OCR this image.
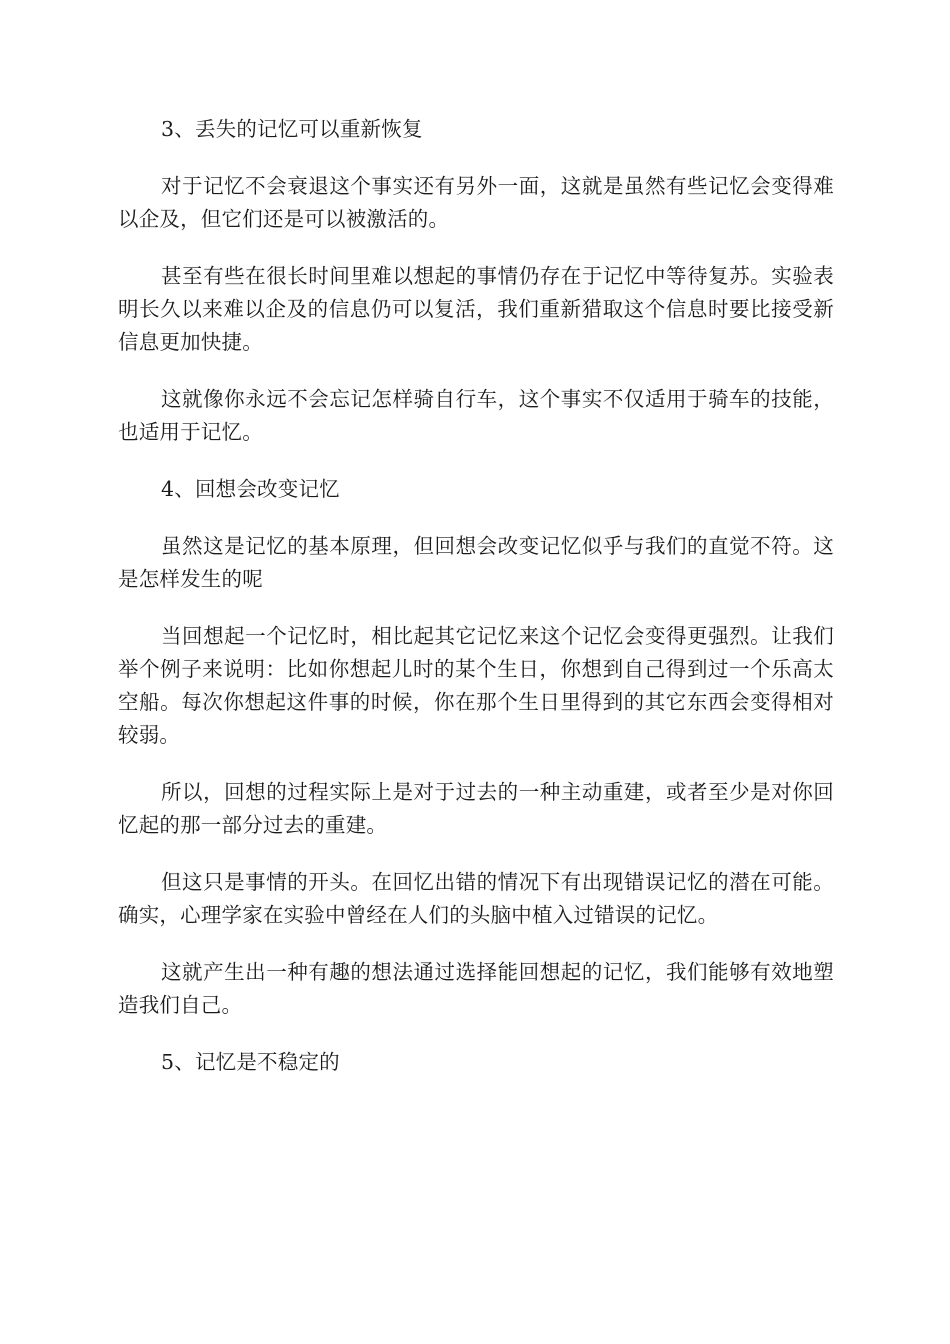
3、丢失的记忆可以重新恢复

对于记忆不会衰退这个事实还有另外一面，这就是虽然有些记忆会变得难以企及，但它们还是可以被激活的。

甚至有些在很长时间里难以想起的事情仍存在于记忆中等待复苏。实验表明长久以来难以企及的信息仍可以复活，我们重新猎取这个信息时要比接受新信息更加快捷。

这就像你永远不会忘记怎样骑自行车，这个事实不仅适用于骑车的技能，也适用于记忆。

4、回想会改变记忆

虽然这是记忆的基本原理，但回想会改变记忆似乎与我们的直觉不符。这是怎样发生的呢

当回想起一个记忆时，相比起其它记忆来这个记忆会变得更强烈。让我们举个例子来说明：比如你想起儿时的某个生日，你想到自己得到过一个乐高太空船。每次你想起这件事的时候，你在那个生日里得到的其它东西会变得相对较弱。

所以，回想的过程实际上是对于过去的一种主动重建，或者至少是对你回忆起的那一部分过去的重建。

但这只是事情的开头。在回忆出错的情况下有出现错误记忆的潜在可能。确实，心理学家在实验中曾经在人们的头脑中植入过错误的记忆。

这就产生出一种有趣的想法通过选择能回想起的记忆，我们能够有效地塑造我们自己。

5、记忆是不稳定的
